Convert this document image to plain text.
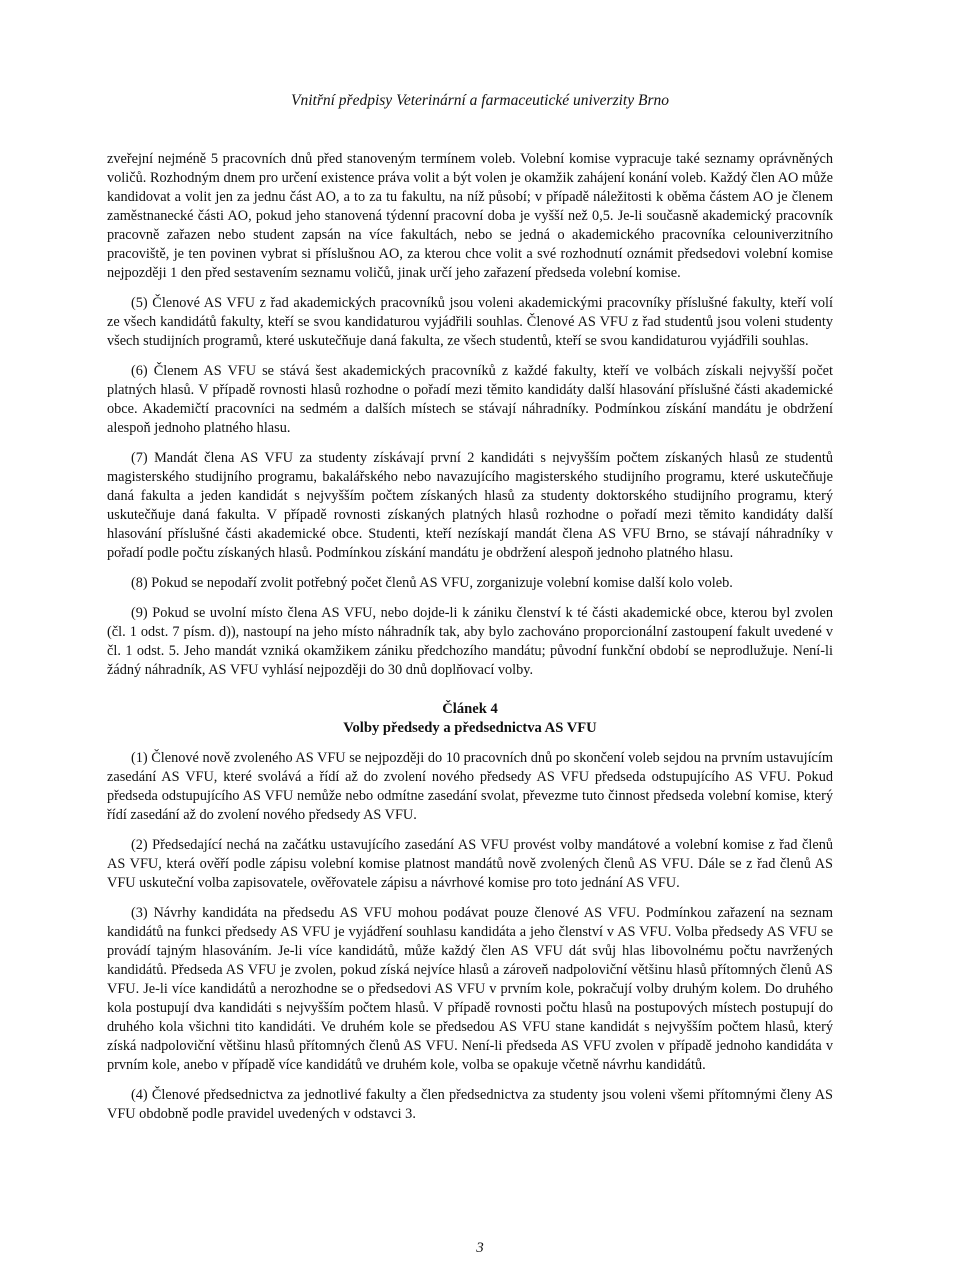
Vnitřní předpisy Veterinární a farmaceutické univerzity Brno

zveřejní nejméně 5 pracovních dnů před stanoveným termínem voleb. Volební komise vypracuje také seznamy oprávněných voličů. Rozhodným dnem pro určení existence práva volit a být volen je okamžik zahájení konání voleb. Každý člen AO může kandidovat a volit jen za jednu část AO, a to za tu fakultu, na níž působí; v případě náležitosti k oběma částem AO je členem zaměstnanecké části AO, pokud jeho stanovená týdenní pracovní doba je vyšší než 0,5. Je-li současně akademický pracovník pracovně zařazen nebo student zapsán na více fakultách, nebo se jedná o akademického pracovníka celouniverzitního pracoviště, je ten povinen vybrat si příslušnou AO, za kterou chce volit a své rozhodnutí oznámit předsedovi volební komise nejpozději 1 den před sestavením seznamu voličů, jinak určí jeho zařazení předseda volební komise.

(5) Členové AS VFU z řad akademických pracovníků jsou voleni akademickými pracovníky příslušné fakulty, kteří volí ze všech kandidátů fakulty, kteří se svou kandidaturou vyjádřili souhlas. Členové AS VFU z řad studentů jsou voleni studenty všech studijních programů, které uskutečňuje daná fakulta, ze všech studentů, kteří se svou kandidaturou vyjádřili souhlas.

(6) Členem AS VFU se stává šest akademických pracovníků z každé fakulty, kteří ve volbách získali nejvyšší počet platných hlasů. V případě rovnosti hlasů rozhodne o pořadí mezi těmito kandidáty další hlasování příslušné části akademické obce. Akademičtí pracovníci na sedmém a dalších místech se stávají náhradníky. Podmínkou získání mandátu je obdržení alespoň jednoho platného hlasu.

(7) Mandát člena AS VFU za studenty získávají první 2 kandidáti s nejvyšším počtem získaných hlasů ze studentů magisterského studijního programu, bakalářského nebo navazujícího magisterského studijního programu, které uskutečňuje daná fakulta a jeden kandidát s nejvyšším počtem získaných hlasů za studenty doktorského studijního programu, který uskutečňuje daná fakulta. V případě rovnosti získaných platných hlasů rozhodne o pořadí mezi těmito kandidáty další hlasování příslušné části akademické obce. Studenti, kteří nezískají mandát člena AS VFU Brno, se stávají náhradníky v pořadí podle počtu získaných hlasů. Podmínkou získání mandátu je obdržení alespoň jednoho platného hlasu.

(8) Pokud se nepodaří zvolit potřebný počet členů AS VFU, zorganizuje volební komise další kolo voleb.

(9) Pokud se uvolní místo člena AS VFU, nebo dojde-li k zániku členství k té části akademické obce, kterou byl zvolen (čl. 1 odst. 7 písm. d)), nastoupí na jeho místo náhradník tak, aby bylo zachováno proporcionální zastoupení fakult uvedené v čl. 1 odst. 5. Jeho mandát vzniká okamžikem zániku předchozího mandátu; původní funkční období se neprodlužuje. Není-li žádný náhradník, AS VFU vyhlásí nejpozději do 30 dnů doplňovací volby.

Článek 4
Volby předsedy a předsednictva AS VFU

(1) Členové nově zvoleného AS VFU se nejpozději do 10 pracovních dnů po skončení voleb sejdou na prvním ustavujícím zasedání AS VFU, které svolává a řídí až do zvolení nového předsedy AS VFU předseda odstupujícího AS VFU. Pokud předseda odstupujícího AS VFU nemůže nebo odmítne zasedání svolat, převezme tuto činnost předseda volební komise, který řídí zasedání až do zvolení nového předsedy AS VFU.

(2) Předsedající nechá na začátku ustavujícího zasedání AS VFU provést volby mandátové a volební komise z řad členů AS VFU, která ověří podle zápisu volební komise platnost mandátů nově zvolených členů AS VFU. Dále se z řad členů AS VFU uskuteční volba zapisovatele, ověřovatele zápisu a návrhové komise pro toto jednání AS VFU.

(3) Návrhy kandidáta na předsedu AS VFU mohou podávat pouze členové AS VFU. Podmínkou zařazení na seznam kandidátů na funkci předsedy AS VFU je vyjádření souhlasu kandidáta a jeho členství v AS VFU. Volba předsedy AS VFU se provádí tajným hlasováním. Je-li více kandidátů, může každý člen AS VFU dát svůj hlas libovolnému počtu navržených kandidátů. Předseda AS VFU je zvolen, pokud získá nejvíce hlasů a zároveň nadpoloviční většinu hlasů přítomných členů AS VFU. Je-li více kandidátů a nerozhodne se o předsedovi AS VFU v prvním kole, pokračují volby druhým kolem. Do druhého kola postupují dva kandidáti s nejvyšším počtem hlasů. V případě rovnosti počtu hlasů na postupových místech postupují do druhého kola všichni tito kandidáti. Ve druhém kole se předsedou AS VFU stane kandidát s nejvyšším počtem hlasů, který získá nadpoloviční většinu hlasů přítomných členů AS VFU. Není-li předseda AS VFU zvolen v případě jednoho kandidáta v prvním kole, anebo v případě více kandidátů ve druhém kole, volba se opakuje včetně návrhu kandidátů.

(4) Členové předsednictva za jednotlivé fakulty a člen předsednictva za studenty jsou voleni všemi přítomnými členy AS VFU obdobně podle pravidel uvedených v odstavci 3.

3
